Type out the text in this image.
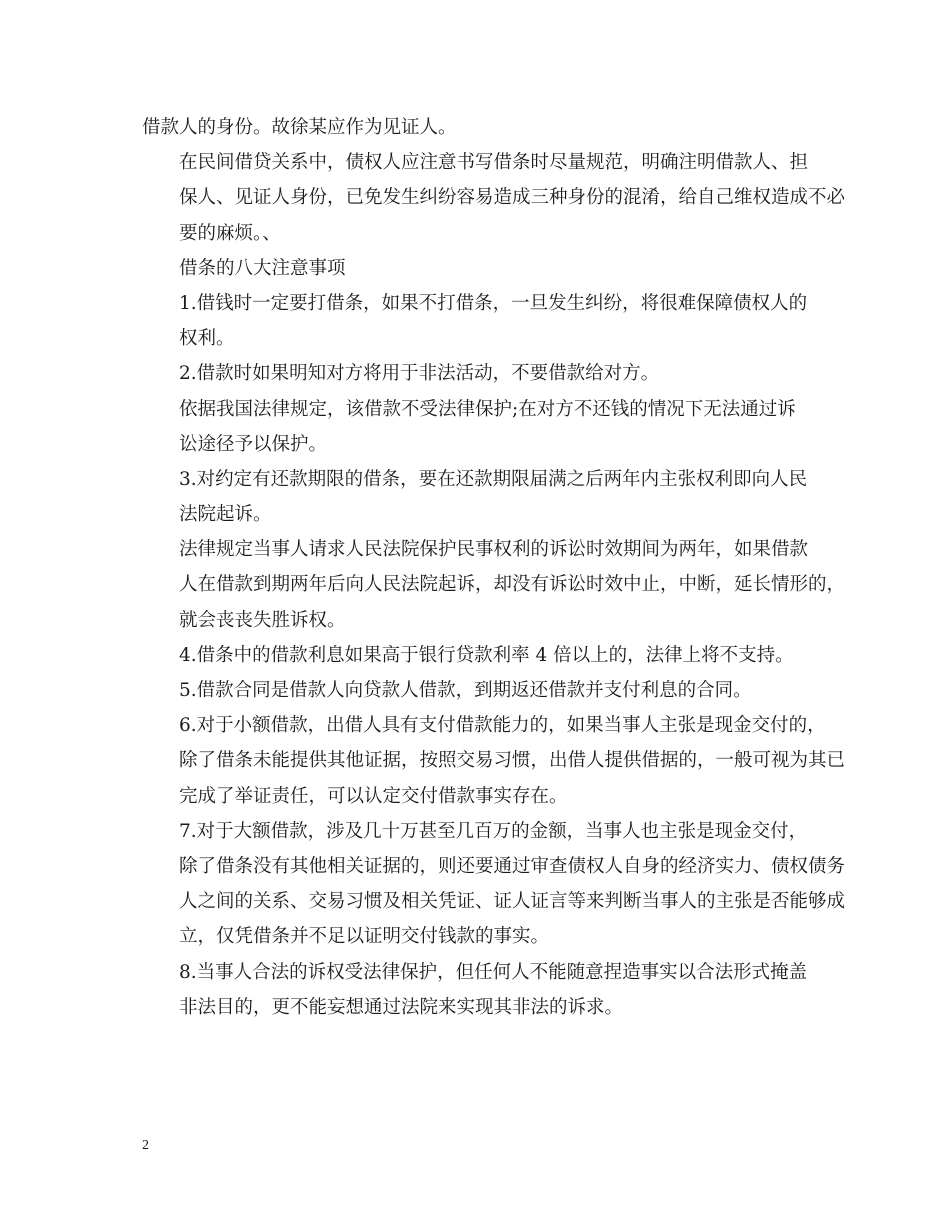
借款人的身份。故徐某应作为见证人。

在民间借贷关系中，债权人应注意书写借条时尽量规范，明确注明借款人、担
保人、见证人身份，已免发生纠纷容易造成三种身份的混淆，给自己维权造成不必
要的麻烦。、

借条的八大注意事项

1.借钱时一定要打借条，如果不打借条，一旦发生纠纷，将很难保障债权人的
权利。

2.借款时如果明知对方将用于非法活动，不要借款给对方。

依据我国法律规定，该借款不受法律保护;在对方不还钱的情况下无法通过诉
讼途径予以保护。

3.对约定有还款期限的借条，要在还款期限届满之后两年内主张权利即向人民
法院起诉。

法律规定当事人请求人民法院保护民事权利的诉讼时效期间为两年，如果借款
人在借款到期两年后向人民法院起诉，却没有诉讼时效中止，中断，延长情形的，
就会丧丧失胜诉权。

4.借条中的借款利息如果高于银行贷款利率 4 倍以上的，法律上将不支持。

5.借款合同是借款人向贷款人借款，到期返还借款并支付利息的合同。

6.对于小额借款，出借人具有支付借款能力的，如果当事人主张是现金交付的，
除了借条未能提供其他证据，按照交易习惯，出借人提供借据的，一般可视为其已
完成了举证责任，可以认定交付借款事实存在。

7.对于大额借款，涉及几十万甚至几百万的金额，当事人也主张是现金交付，
除了借条没有其他相关证据的，则还要通过审查债权人自身的经济实力、债权债务
人之间的关系、交易习惯及相关凭证、证人证言等来判断当事人的主张是否能够成
立，仅凭借条并不足以证明交付钱款的事实。

8.当事人合法的诉权受法律保护，但任何人不能随意捏造事实以合法形式掩盖
非法目的，更不能妄想通过法院来实现其非法的诉求。

2
